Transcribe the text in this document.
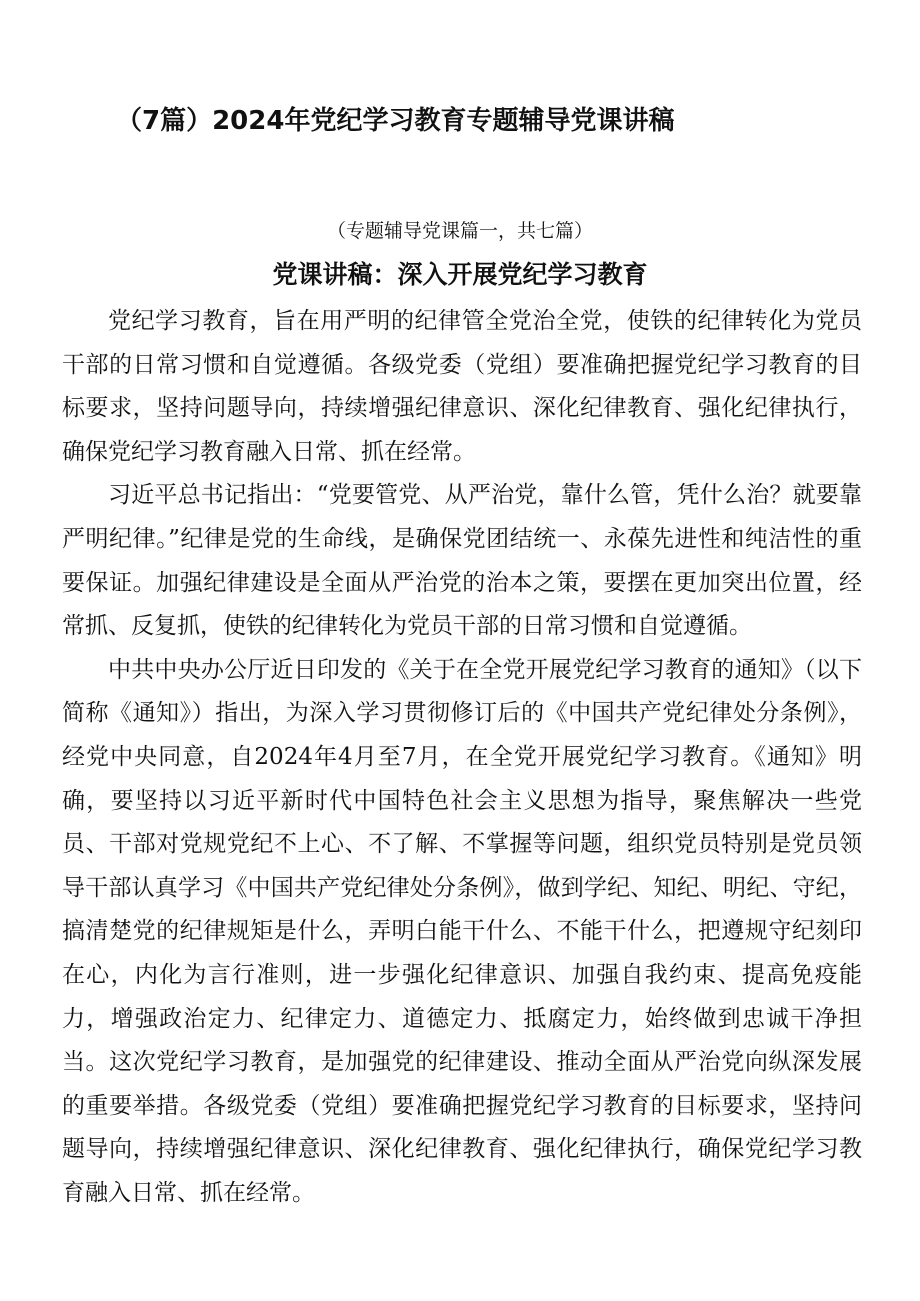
（7篇）2024年党纪学习教育专题辅导党课讲稿
（专题辅导党课篇一，共七篇）
党课讲稿：深入开展党纪学习教育

党纪学习教育，旨在用严明的纪律管全党治全党，使铁的纪律转化为党员干部的日常习惯和自觉遵循。各级党委（党组）要准确把握党纪学习教育的目标要求，坚持问题导向，持续增强纪律意识、深化纪律教育、强化纪律执行，确保党纪学习教育融入日常、抓在经常。

习近平总书记指出：“党要管党、从严治党，靠什么管，凭什么治？就要靠严明纪律。”纪律是党的生命线，是确保党团结统一、永葆先进性和纯洁性的重要保证。加强纪律建设是全面从严治党的治本之策，要摆在更加突出位置，经常抓、反复抓，使铁的纪律转化为党员干部的日常习惯和自觉遵循。

中共中央办公厅近日印发的《关于在全党开展党纪学习教育的通知》（以下简称《通知》）指出，为深入学习贯彻修订后的《中国共产党纪律处分条例》，经党中央同意，自2024年4月至7月，在全党开展党纪学习教育。《通知》明确，要坚持以习近平新时代中国特色社会主义思想为指导，聚焦解决一些党员、干部对党规党纪不上心、不了解、不掌握等问题，组织党员特别是党员领导干部认真学习《中国共产党纪律处分条例》，做到学纪、知纪、明纪、守纪，搞清楚党的纪律规矩是什么，弄明白能干什么、不能干什么，把遵规守纪刻印在心，内化为言行准则，进一步强化纪律意识、加强自我约束、提高免疫能力，增强政治定力、纪律定力、道德定力、抵腐定力，始终做到忠诚干净担当。这次党纪学习教育，是加强党的纪律建设、推动全面从严治党向纵深发展的重要举措。各级党委（党组）要准确把握党纪学习教育的目标要求，坚持问题导向，持续增强纪律意识、深化纪律教育、强化纪律执行，确保党纪学习教育融入日常、抓在经常。
